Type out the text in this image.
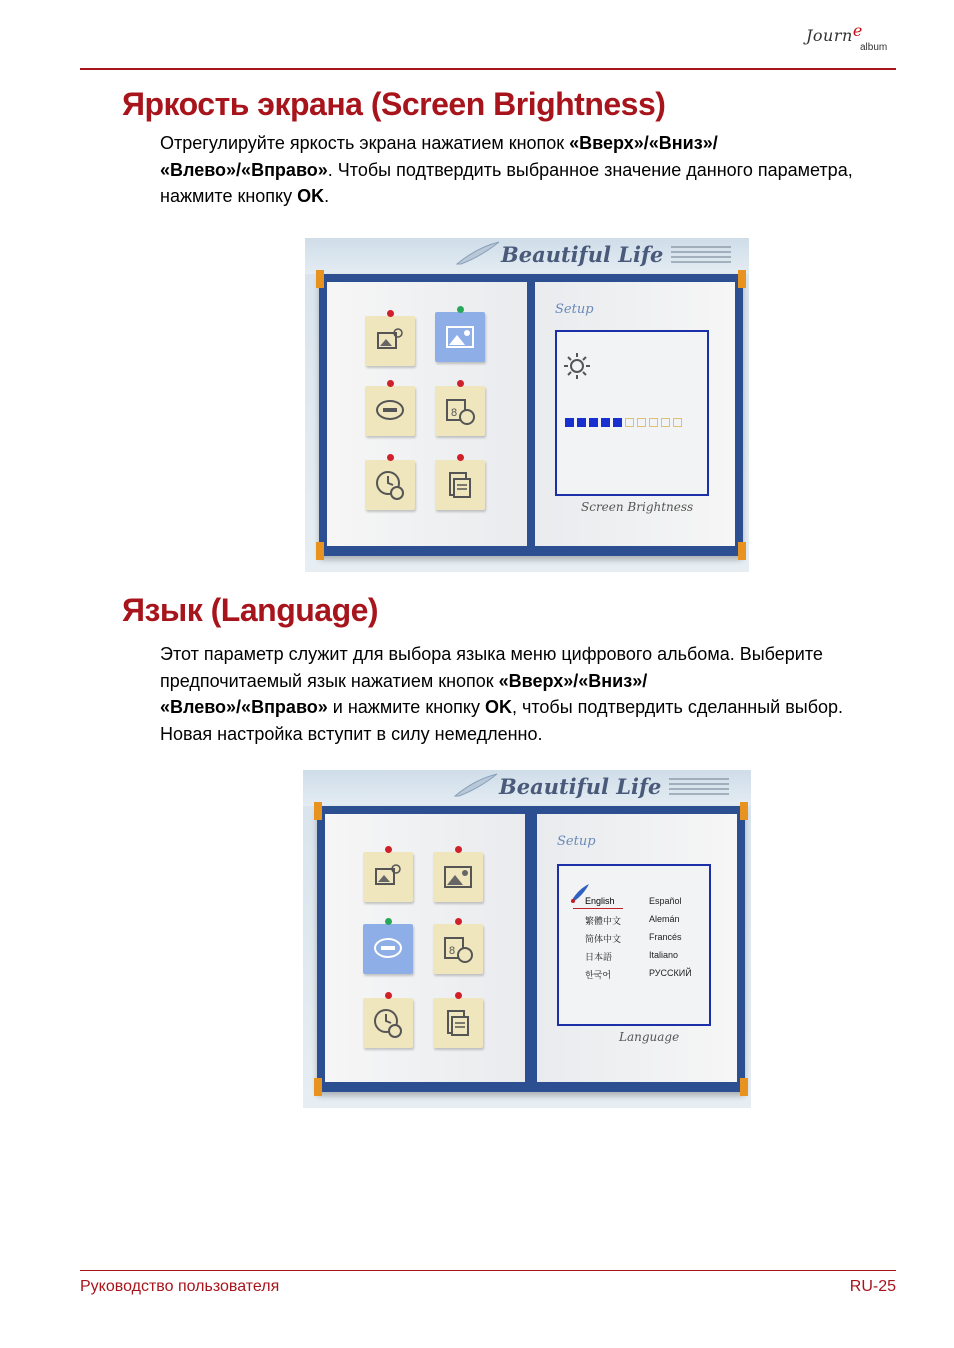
Journe
album
Яркость экрана (Screen Brightness)

Отрегулируйте яркость экрана нажатием кнопок «Вверх»/«Вниз»/
«Влево»/«Вправо». Чтобы подтвердить выбранное значение данного параметра, нажмите кнопку OK.

Beautiful Life
8
Setup
Screen Brightness
Язык (Language)

Этот параметр служит для выбора языка меню цифрового альбома. Выберите предпочитаемый язык нажатием кнопок «Вверх»/«Вниз»/
«Влево»/«Вправо» и нажмите кнопку OK, чтобы подтвердить сделанный выбор. Новая настройка вступит в силу немедленно.

Beautiful Life
8
Setup
English
繁體中文
简体中文
日本語
한국어
Español
Alemán
Francés
Italiano
РУССКИЙ
Language
Руководство пользователя	RU-25
